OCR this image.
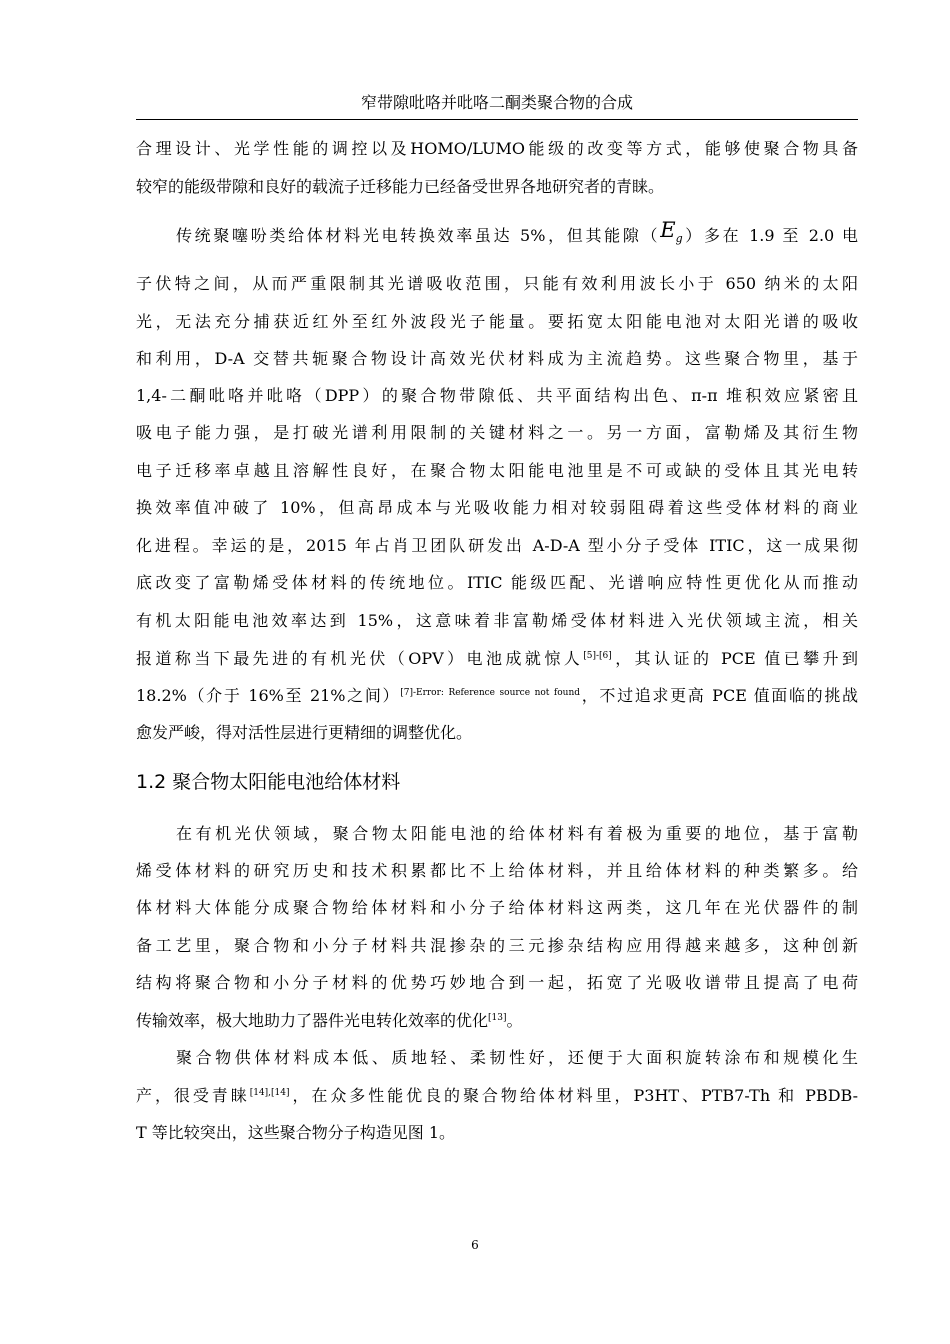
窄带隙吡咯并吡咯二酮类聚合物的合成
合理设计、光学性能的调控以及HOMO/LUMO能级的改变等方式，能够使聚合物具备
较窄的能级带隙和良好的载流子迁移能力已经备受世界各地研究者的青睐。
传统聚噻吩类给体材料光电转换效率虽达 5%，但其能隙$(E_g)$多在 1.9 至 2.0 电
子伏特之间，从而严重限制其光谱吸收范围，只能有效利用波长小于 650 纳米的太阳
光，无法充分捕获近红外至红外波段光子能量。要拓宽太阳能电池对太阳光谱的吸收
和利用，D-A 交替共轭聚合物设计高效光伏材料成为主流趋势。这些聚合物里，基于
1,4-二酮吡咯并吡咯（DPP）的聚合物带隙低、共平面结构出色、π-π 堆积效应紧密且
吸电子能力强，是打破光谱利用限制的关键材料之一。另一方面，富勒烯及其衍生物
电子迁移率卓越且溶解性良好，在聚合物太阳能电池里是不可或缺的受体且其光电转
换效率值冲破了 10%，但高昂成本与光吸收能力相对较弱阻碍着这些受体材料的商业
化进程。幸运的是，2015 年占肖卫团队研发出 A-D-A 型小分子受体 ITIC，这一成果彻
底改变了富勒烯受体材料的传统地位。ITIC 能级匹配、光谱响应特性更优化从而推动
有机太阳能电池效率达到 15%，这意味着非富勒烯受体材料进入光伏领域主流，相关
报道称当下最先进的有机光伏（OPV）电池成就惊人[5]-[6]，其认证的 PCE 值已攀升到
18.2%（介于 16%至 21%之间）$^{[7]-Error: Reference source not found}$，不过追求更高 PCE 值面临的挑战
愈发严峻，得对活性层进行更精细的调整优化。
1.2 聚合物太阳能电池给体材料
在有机光伏领域，聚合物太阳能电池的给体材料有着极为重要的地位，基于富勒
烯受体材料的研究历史和技术积累都比不上给体材料，并且给体材料的种类繁多。给
体材料大体能分成聚合物给体材料和小分子给体材料这两类，这几年在光伏器件的制
备工艺里，聚合物和小分子材料共混掺杂的三元掺杂结构应用得越来越多，这种创新
结构将聚合物和小分子材料的优势巧妙地合到一起，拓宽了光吸收谱带且提高了电荷
传输效率，极大地助力了器件光电转化效率的优化[13]。
聚合物供体材料成本低、质地轻、柔韧性好，还便于大面积旋转涂布和规模化生
产，很受青睐[14],[14]，在众多性能优良的聚合物给体材料里，P3HT、PTB7-Th 和 PBDB-
T 等比较突出，这些聚合物分子构造见图 1。
6
